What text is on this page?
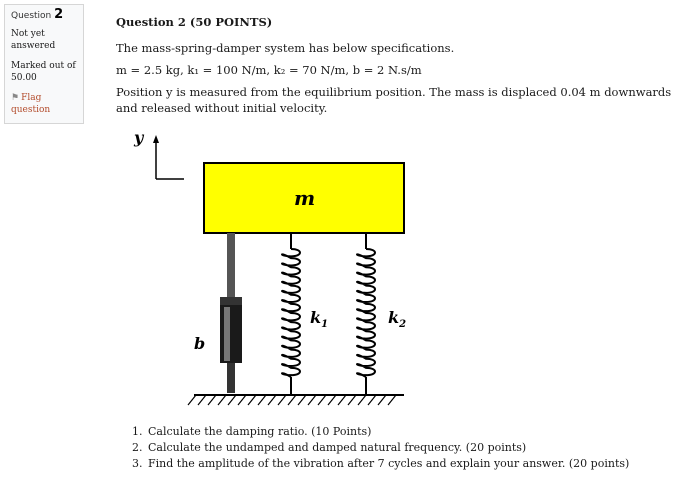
Question 2
Not yet answered
Marked out of
50.00
⚑ Flag question
Question 2 (50 POINTS)
The mass-spring-damper system has below specifications.
m = 2.5 kg, k₁ = 100 N/m, k₂ = 70 N/m, b = 2 N.s/m
Position y is measured from the equilibrium position. The mass is displaced 0.04 m downwards and released without initial velocity.
y
m
b
$k_1$	$k_2$
1. Calculate the damping ratio. (10 Points)
2. Calculate the undamped and damped natural frequency. (20 points)
3. Find the amplitude of the vibration after 7 cycles and explain your answer. (20 points)
